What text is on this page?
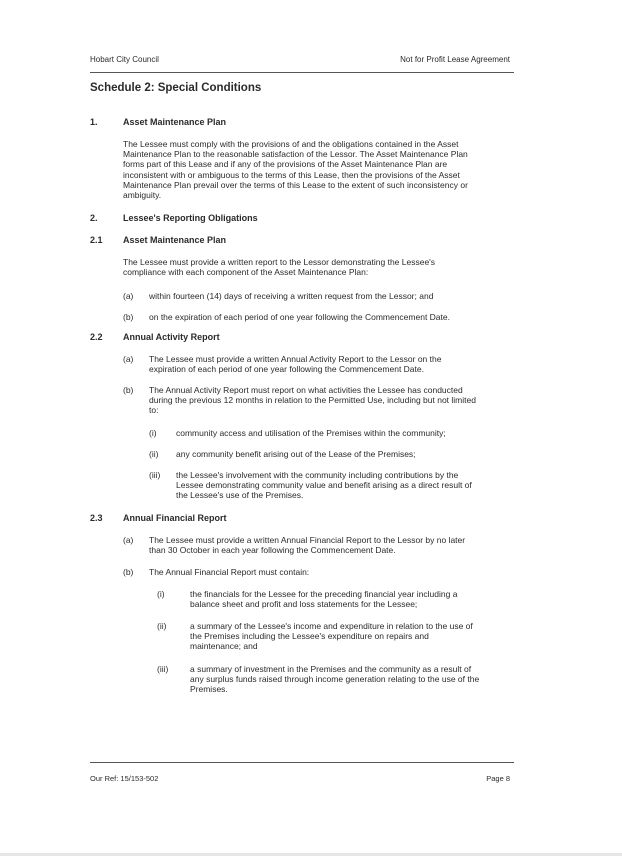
Hobart City Council	Not for Profit Lease Agreement
Schedule 2: Special Conditions
1.	Asset Maintenance Plan
The Lessee must comply with the provisions of and the obligations contained in the Asset
Maintenance Plan to the reasonable satisfaction of the Lessor. The Asset Maintenance Plan
forms part of this Lease and if any of the provisions of the Asset Maintenance Plan are
inconsistent with or ambiguous to the terms of this Lease, then the provisions of the Asset
Maintenance Plan prevail over the terms of this Lease to the extent of such inconsistency or
ambiguity.
2.	Lessee's Reporting Obligations
2.1 Asset Maintenance Plan
The Lessee must provide a written report to the Lessor demonstrating the Lessee's
compliance with each component of the Asset Maintenance Plan:
(a) within fourteen (14) days of receiving a written request from the Lessor; and
(b) on the expiration of each period of one year following the Commencement Date.
2.2 Annual Activity Report
(a) The Lessee must provide a written Annual Activity Report to the Lessor on the
expiration of each period of one year following the Commencement Date.
(b) The Annual Activity Report must report on what activities the Lessee has conducted
during the previous 12 months in relation to the Permitted Use, including but not limited
to:
(i) community access and utilisation of the Premises within the community;
(ii) any community benefit arising out of the Lease of the Premises;
(iii) the Lessee's involvement with the community including contributions by the
Lessee demonstrating community value and benefit arising as a direct result of
the Lessee's use of the Premises.
2.3 Annual Financial Report
(a) The Lessee must provide a written Annual Financial Report to the Lessor by no later
than 30 October in each year following the Commencement Date.
(b) The Annual Financial Report must contain:
(i)	the financials for the Lessee for the preceding financial year including a
balance sheet and profit and loss statements for the Lessee;
(ii)	a summary of the Lessee's income and expenditure in relation to the use of
the Premises including the Lessee's expenditure on repairs and
maintenance; and
(iii)	a summary of investment in the Premises and the community as a result of
any surplus funds raised through income generation relating to the use of the
Premises.
Our Ref: 15/153-502	Page 8
